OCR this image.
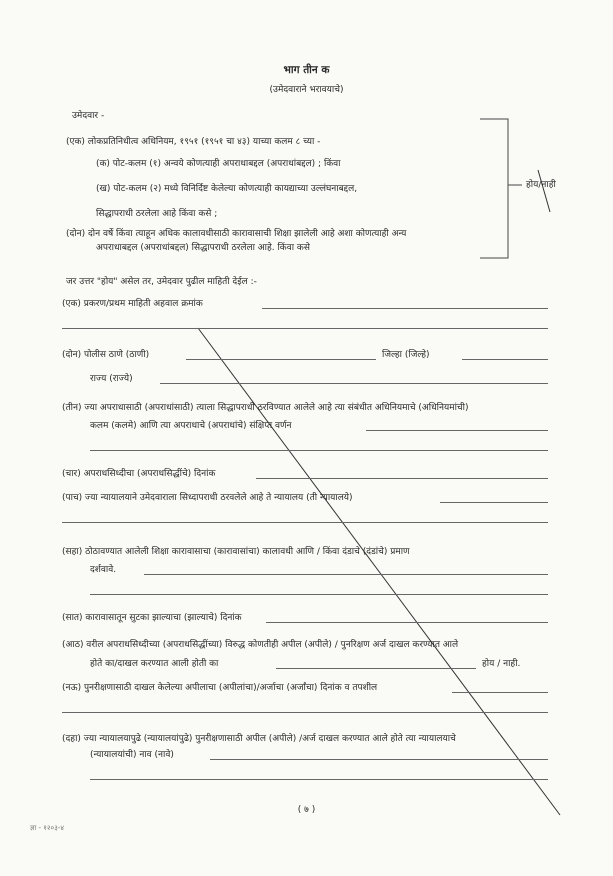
भाग तीन क
(उमेदवाराने भरावयाचे)
उमेदवार -
(एक) लोकप्रतिनिधीत्व अधिनियम, १९५१ (१९५१ चा ४३) याच्या कलम ८ च्या -
(क) पोट-कलम (१) अन्वये कोणत्याही अपराधाबद्दल (अपराधांबद्दल) ; किंवा
(ख) पोट-कलम (२) मध्ये विनिर्दिष्ट केलेल्या कोणत्याही कायद्याच्या उल्लंघनाबद्दल,
सिद्धापराधी ठरलेला आहे किंवा कसे ;
(दोन) दोन वर्षे किंवा त्याहून अधिक कालावधीसाठी कारावासाची शिक्षा झालेली आहे अशा कोणत्याही अन्य
अपराधाबद्दल (अपराधांबद्दल) सिद्धापराधी ठरलेला आहे. किंवा कसे
होय/नाही
जर उत्तर "होय" असेल तर, उमेदवार पुढील माहिती देईल :-
(एक) प्रकरण/प्रथम माहिती अहवाल क्रमांक
(दोन) पोलीस ठाणे (ठाणी)	जिल्हा (जिल्हे)
राज्य (राज्ये)
(तीन) ज्या अपराधासाठी (अपराधांसाठी) त्याला सिद्धापराधी ठरविण्यात आलेले आहे त्या संबंधीत अधिनियमाचे (अधिनियमांची)
कलम (कलमे) आणि त्या अपराधाचे (अपराधांचे) संक्षिप्त वर्णन
(चार) अपराधसिध्दीचा (अपराधसिद्धींचे) दिनांक
(पाच) ज्या न्यायालयाने उमेदवाराला सिध्दापराधी ठरवलेले आहे ते न्यायालय (ती न्यायालये)
(सहा) ठोठावण्यात आलेली शिक्षा कारावासाचा (कारावासांचा) कालावधी आणि / किंवा दंडाचे (दंडांचे) प्रमाण
दर्शवावे.
(सात) कारावासातून सुटका झाल्याचा (झाल्याचे) दिनांक
(आठ) वरील अपराधसिध्दीच्या (अपराधसिद्धींच्या) विरुद्ध कोणतीही अपील (अपीले) / पुनरिक्षण अर्ज दाखल करण्यात आले
होते का/दाखल करण्यात आली होती का	होय / नाही.
(नऊ) पुनरीक्षणासाठी दाखल केलेल्या अपीलाचा (अपीलांचा)/अर्जाचा (अर्जांचा) दिनांक व तपशील
(दहा) ज्या न्यायालयापुढे (न्यायालयांपुढे) पुनरीक्षणासाठी अपील (अपीले) /अर्ज दाखल करण्यात आले होते त्या न्यायालयाचे
(न्यायालयांची) नाव (नावे)
( ७ )
ज्ञा - १२०३-४
